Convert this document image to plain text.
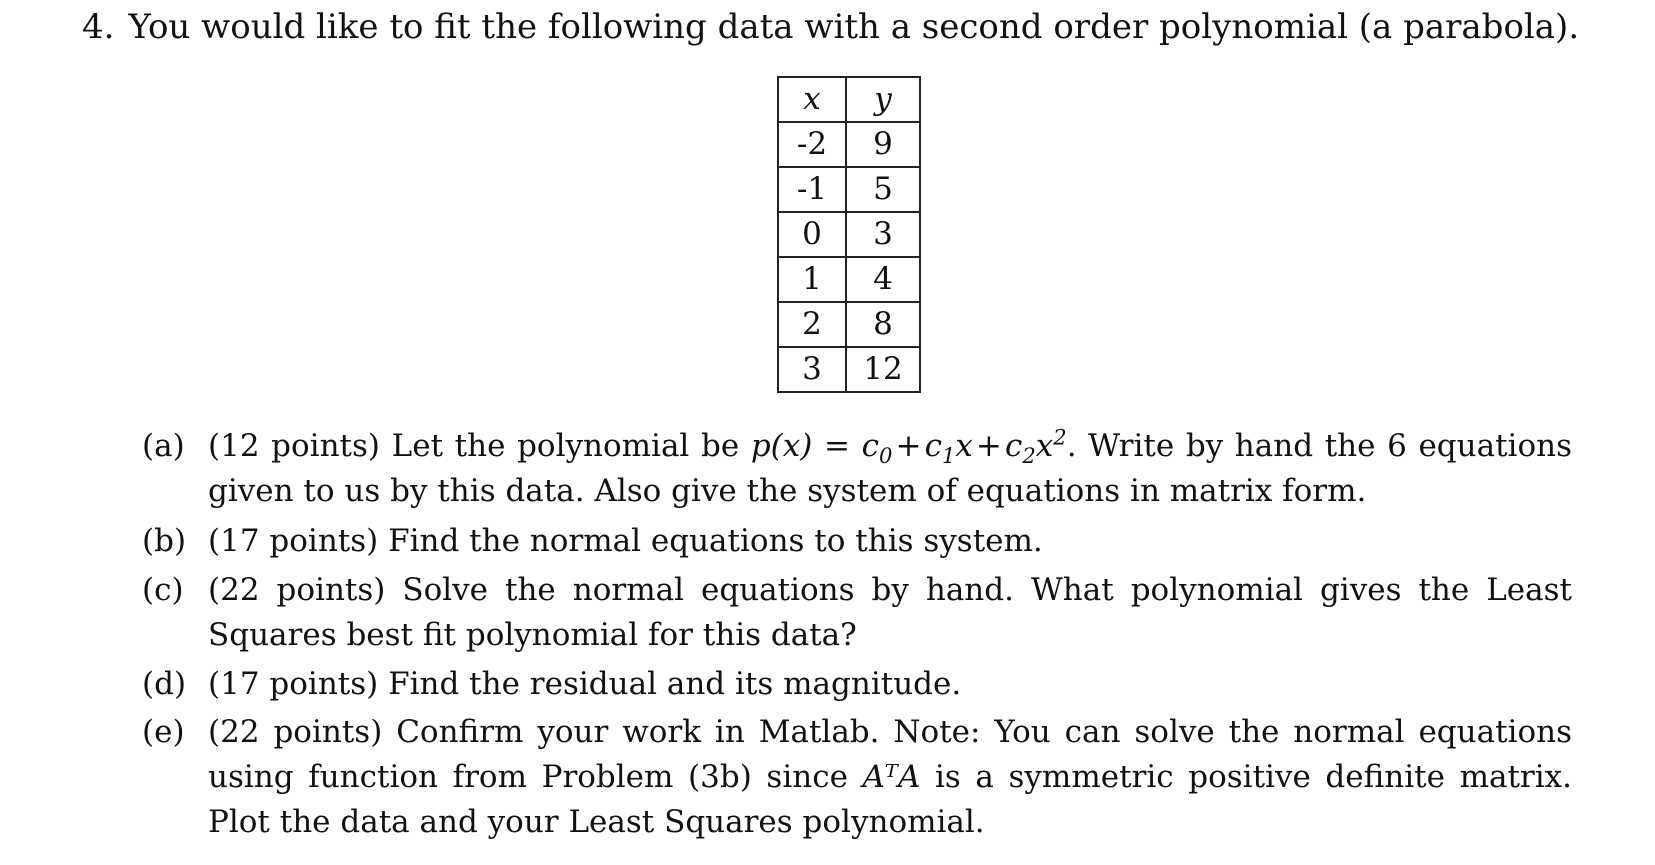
4. You would like to fit the following data with a second order polynomial (a parabola).
x	y
-2	9
-1	5
0	3
1	4
2	8
3	12
(a) (12 points) Let the polynomial be $p(x) = c_0$ + $c_1x$ + $c_2x^2$. Write by hand the 6 equations given to us by this data. Also give the system of equations in matrix form.
(b) (17 points) Find the normal equations to this system.
(c) (22 points) Solve the normal equations by hand. What polynomial gives the Least Squares best fit polynomial for this data?
(d) (17 points) Find the residual and its magnitude.
(e) (22 points) Confirm your work in Matlab. Note: You can solve the normal equations using function from Problem (3b) since AᵀA is a symmetric positive definite matrix. Plot the data and your Least Squares polynomial.
